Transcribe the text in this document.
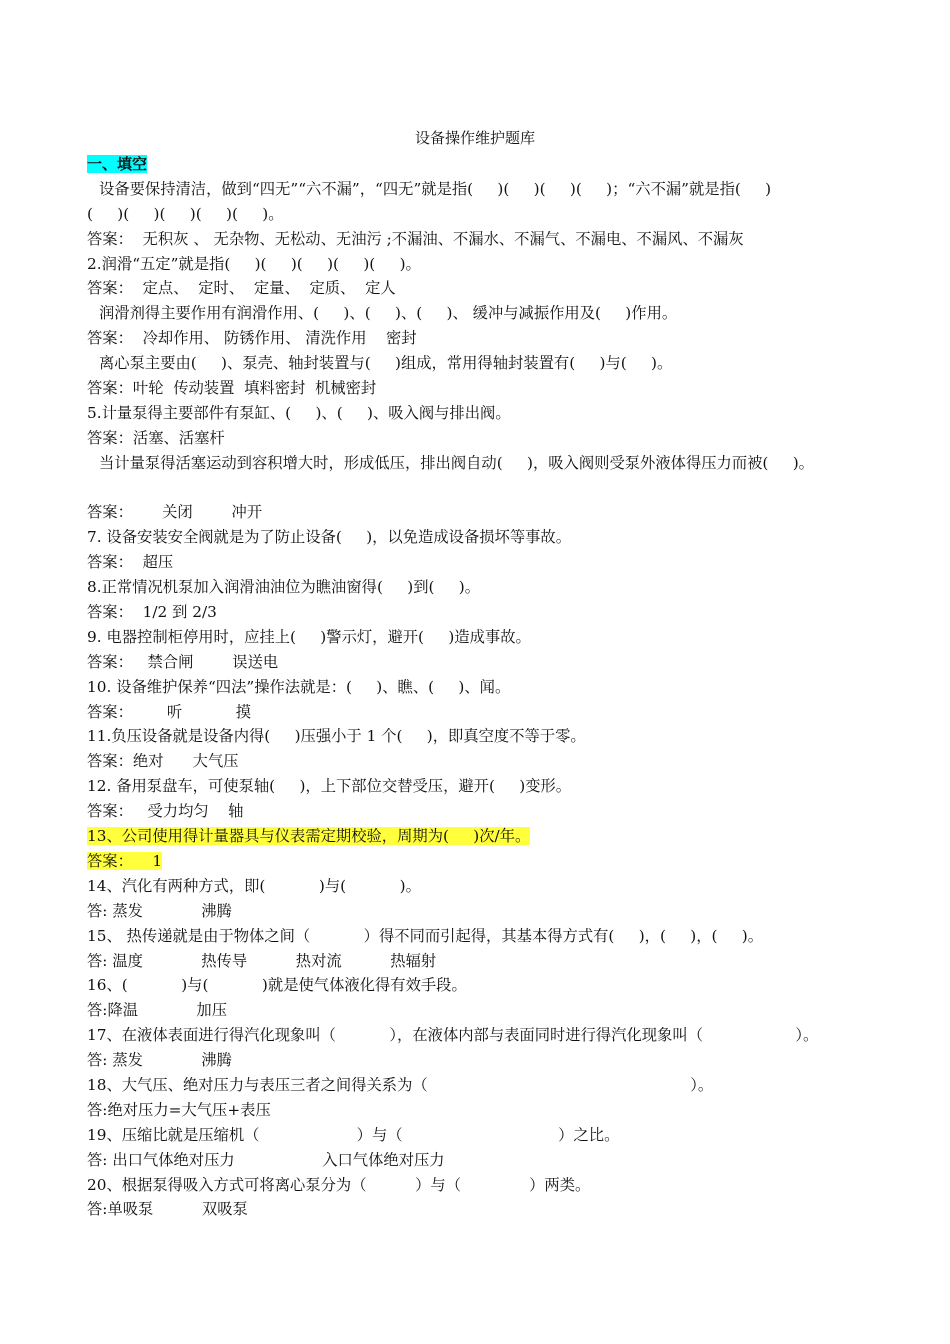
设备操作维护题库
一、填空
设备要保持清洁，做到“四无”“六不漏”，“四无”就是指(     )(     )(     )(     )；“六不漏”就是指(     )
(     )(     )(     )(     )(     )。
答案：  无积灰 、 无杂物、无松动、无油污 ;不漏油、不漏水、不漏气、不漏电、不漏风、不漏灰
2.润滑“五定”就是指(     )(     )(     )(     )(     )。
答案：  定点、  定时、  定量、  定质、  定人
润滑剂得主要作用有润滑作用、(     )、(     )、(     )、 缓冲与减振作用及(     )作用。
答案：  冷却作用、 防锈作用、 清洗作用    密封
离心泵主要由(     )、泵壳、轴封装置与(     )组成，常用得轴封装置有(     )与(     )。
答案：叶轮  传动装置  填料密封  机械密封
5.计量泵得主要部件有泵缸、(     )、(     )、吸入阀与排出阀。
答案：活塞、活塞杆
当计量泵得活塞运动到容积增大时，形成低压，排出阀自动(     )，吸入阀则受泵外液体得压力而被(     )。
答案：      关闭        冲开
7. 设备安装安全阀就是为了防止设备(     )，以免造成设备损坏等事故。
答案：  超压
8.正常情况机泵加入润滑油油位为瞧油窗得(     )到(     )。
答案：  1/2 到 2/3
9. 电器控制柜停用时，应挂上(     )警示灯，避开(     )造成事故。
答案：   禁合闸        误送电
10. 设备维护保养“四法”操作法就是：(     )、瞧、(     )、闻。
答案：       听           摸
11.负压设备就是设备内得(     )压强小于 1 个(     )，即真空度不等于零。
答案：绝对      大气压
12. 备用泵盘车，可使泵轴(     )，上下部位交替受压，避开(     )变形。
答案：   受力均匀    轴
13、公司使用得计量器具与仪表需定期校验，周期为(     )次/年。
答案：    1
14、汽化有两种方式，即(           )与(           )。
答: 蒸发            沸腾
15、 热传递就是由于物体之间（           ）得不同而引起得，其基本得方式有(     )，(     )，(     )。
答: 温度            热传导          热对流          热辐射
16、(           )与(           )就是使气体液化得有效手段。
答:降温            加压
17、在液体表面进行得汽化现象叫（           ），在液体内部与表面同时进行得汽化现象叫（                   ）。
答: 蒸发            沸腾
18、大气压、绝对压力与表压三者之间得关系为（                                                      ）。
答:绝对压力=大气压+表压
19、压缩比就是压缩机（                    ）与（                                ）之比。
答: 出口气体绝对压力                  入口气体绝对压力
20、根据泵得吸入方式可将离心泵分为（          ）与（              ）两类。
答:单吸泵          双吸泵
